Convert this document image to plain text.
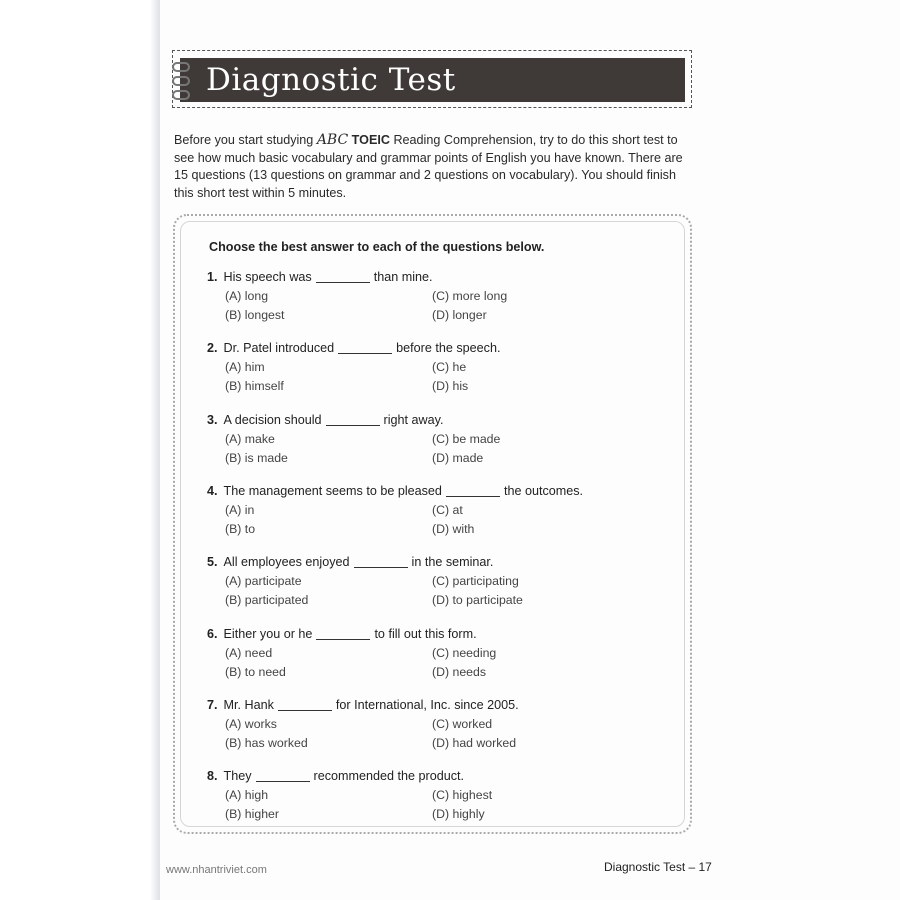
Diagnostic Test
Before you start studying ABC TOEIC Reading Comprehension, try to do this short test to see how much basic vocabulary and grammar points of English you have known. There are 15 questions (13 questions on grammar and 2 questions on vocabulary). You should finish this short test within 5 minutes.
Choose the best answer to each of the questions below.
1. His speech was	than mine.
(A) long
(B) longest
(C) more long
(D) longer
2. Dr. Patel introduced	before the speech.
(A) him
(B) himself
(C) he
(D) his
3. A decision should	right away.
(A) make
(B) is made
(C) be made
(D) made
4. The management seems to be pleased	the outcomes.
(A) in
(B) to
(C) at
(D) with
5. All employees enjoyed	in the seminar.
(A) participate
(B) participated
(C) participating
(D) to participate
6. Either you or he	to fill out this form.
(A) need
(B) to need
(C) needing
(D) needs
7. Mr. Hank	for International, Inc. since 2005.
(A) works
(B) has worked
(C) worked
(D) had worked
8. They	recommended the product.
(A) high
(B) higher
(C) highest
(D) highly
www.nhantriviet.com	Diagnostic Test – 17
